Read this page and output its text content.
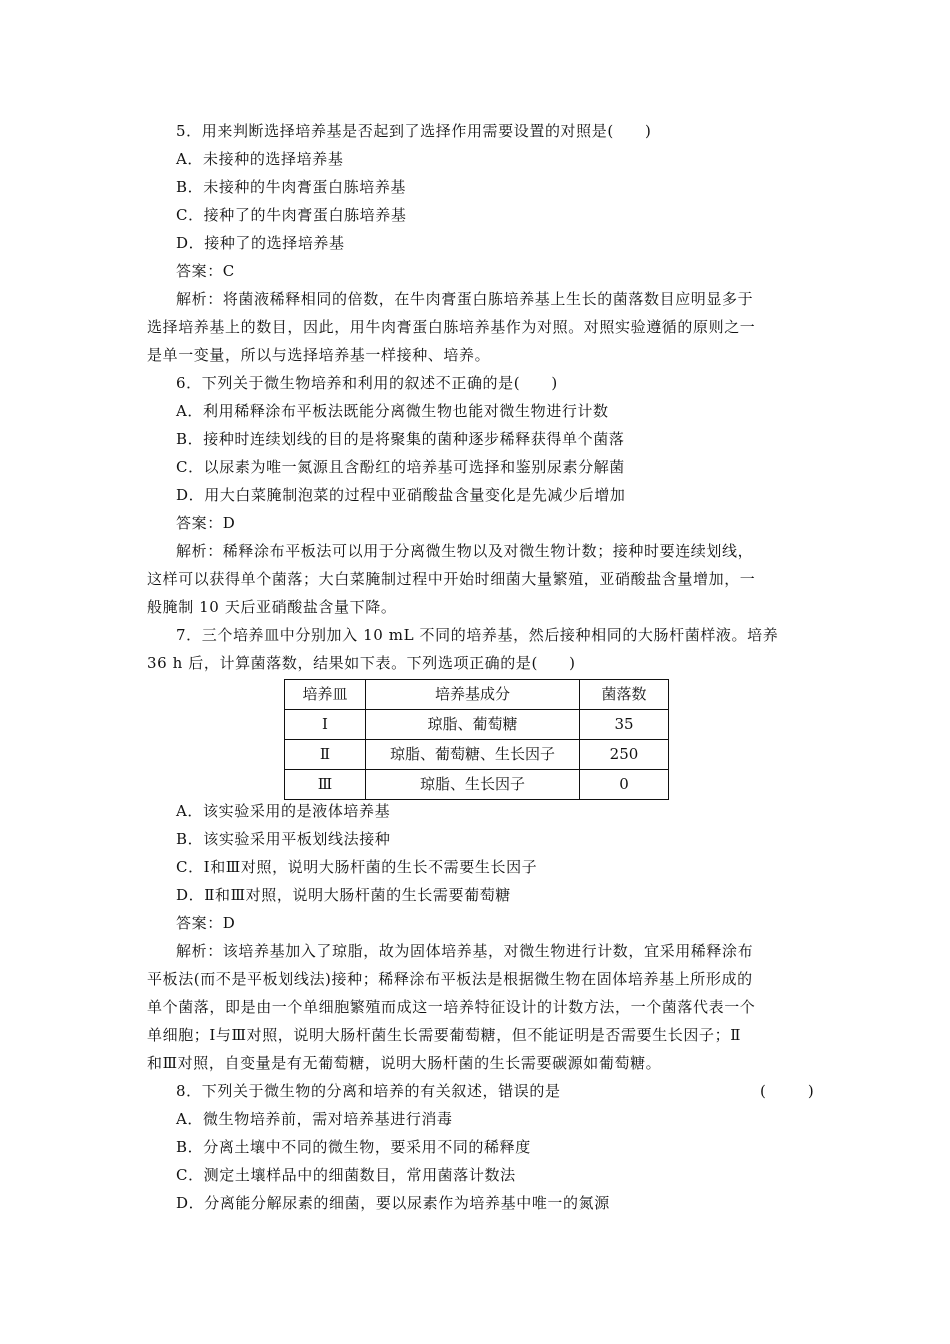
5．用来判断选择培养基是否起到了选择作用需要设置的对照是(　　)
A．未接种的选择培养基
B．未接种的牛肉膏蛋白胨培养基
C．接种了的牛肉膏蛋白胨培养基
D．接种了的选择培养基
答案：C
解析：将菌液稀释相同的倍数，在牛肉膏蛋白胨培养基上生长的菌落数目应明显多于
选择培养基上的数目，因此，用牛肉膏蛋白胨培养基作为对照。对照实验遵循的原则之一
是单一变量，所以与选择培养基一样接种、培养。
6．下列关于微生物培养和利用的叙述不正确的是(　　)
A．利用稀释涂布平板法既能分离微生物也能对微生物进行计数
B．接种时连续划线的目的是将聚集的菌种逐步稀释获得单个菌落
C．以尿素为唯一氮源且含酚红的培养基可选择和鉴别尿素分解菌
D．用大白菜腌制泡菜的过程中亚硝酸盐含量变化是先减少后增加
答案：D
解析：稀释涂布平板法可以用于分离微生物以及对微生物计数；接种时要连续划线，
这样可以获得单个菌落；大白菜腌制过程中开始时细菌大量繁殖，亚硝酸盐含量增加，一
般腌制 10 天后亚硝酸盐含量下降。
7．三个培养皿中分别加入 10 mL 不同的培养基，然后接种相同的大肠杆菌样液。培养
36 h 后，计算菌落数，结果如下表。下列选项正确的是(　　)
培养皿	培养基成分	菌落数
Ⅰ	琼脂、葡萄糖	35
Ⅱ	琼脂、葡萄糖、生长因子	250
Ⅲ	琼脂、生长因子	0
A．该实验采用的是液体培养基
B．该实验采用平板划线法接种
C．Ⅰ和Ⅲ对照，说明大肠杆菌的生长不需要生长因子
D．Ⅱ和Ⅲ对照，说明大肠杆菌的生长需要葡萄糖
答案：D
解析：该培养基加入了琼脂，故为固体培养基，对微生物进行计数，宜采用稀释涂布
平板法(而不是平板划线法)接种；稀释涂布平板法是根据微生物在固体培养基上所形成的
单个菌落，即是由一个单细胞繁殖而成这一培养特征设计的计数方法，一个菌落代表一个
单细胞；Ⅰ与Ⅲ对照，说明大肠杆菌生长需要葡萄糖，但不能证明是否需要生长因子；Ⅱ
和Ⅲ对照，自变量是有无葡萄糖，说明大肠杆菌的生长需要碳源如葡萄糖。
8．下列关于微生物的分离和培养的有关叙述，错误的是	(　　)
A．微生物培养前，需对培养基进行消毒
B．分离土壤中不同的微生物，要采用不同的稀释度
C．测定土壤样品中的细菌数目，常用菌落计数法
D．分离能分解尿素的细菌，要以尿素作为培养基中唯一的氮源
